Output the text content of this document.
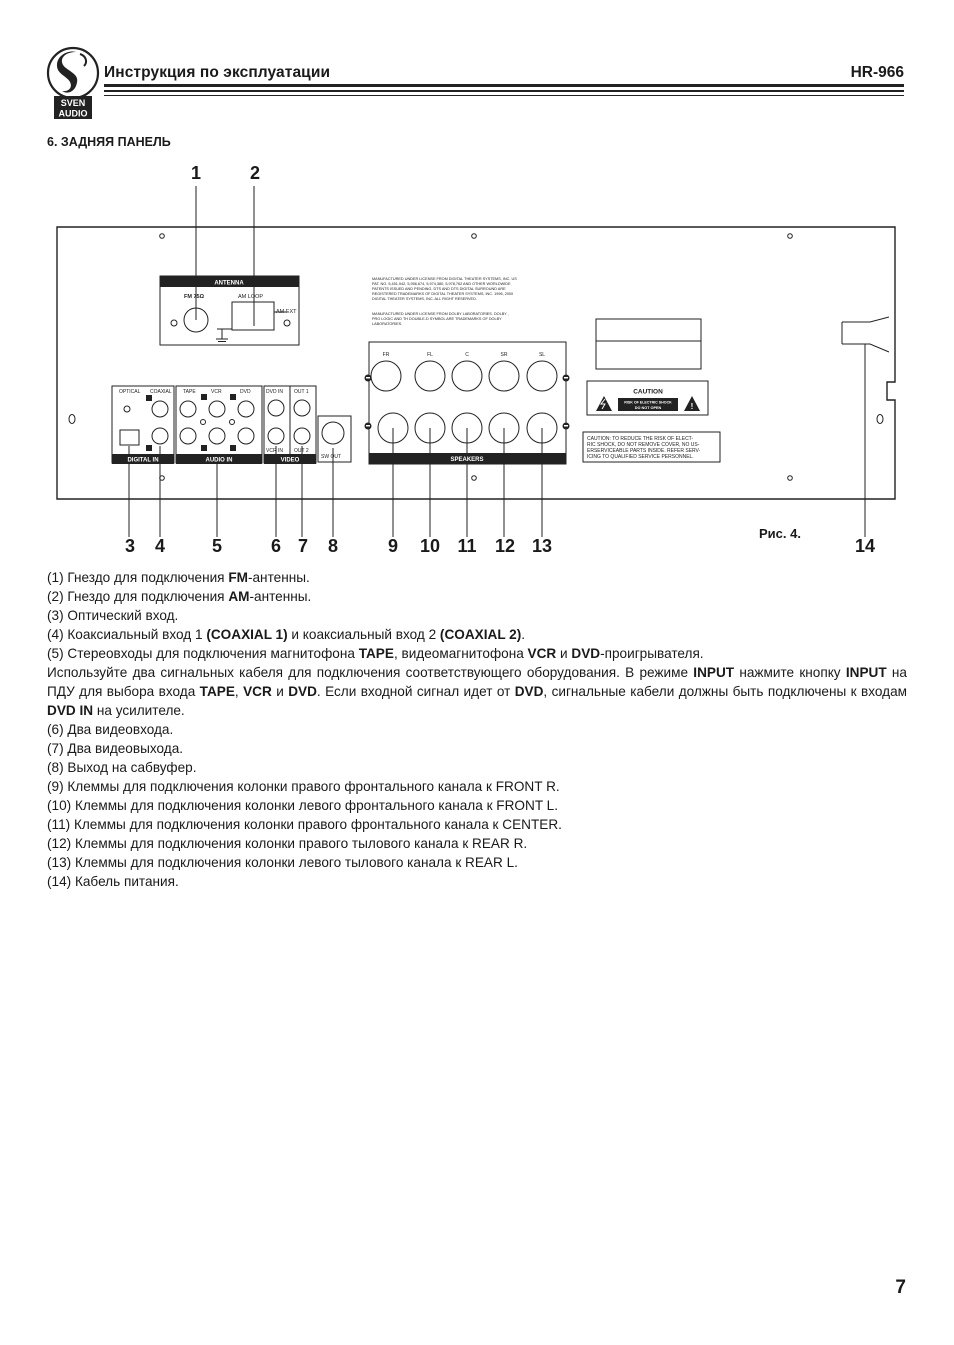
SVEN
AUDIO
Инструкция по эксплуатации	HR-966
6. ЗАДНЯЯ ПАНЕЛЬ
1	2
3 4	5	6 7 8	9 10 11 12 13	14
!
ANTENNA
FM 75Ω	AM LOOP
AM EXT
MANUFACTURED UNDER LICENSE FROM DIGITAL THEATER SYSTEMS, INC. US
PAT. NO. 5,451,942, 5,956,674, 5,974,380, 5,978,762 AND OTHER WORLDWIDE
PATENTS ISSUED AND PENDING. DTS AND DTS DIGITAL SURROUND ARE
REGISTERED TRADEMARKS OF DIGITAL THEATER SYSTEMS, INC. 1996, 2000
DIGITAL THEATER SYSTEMS, INC. ALL RIGHT RESERVED.
MANUFACTURED UNDER LICENSE FROM DOLBY LABORATORIES. DOLBY ,
PRO LOGIC AND TH DOUBLE-D SYMBOL ARE TRADEMARKS OF DOLBY
LABORATORIES.
OPTICAL COAXIAL
DIGITAL IN
TAPE	VCR	DVD
AUDIO IN
DVD IN OUT 1
VCR IN OUT 2
VIDEO
SW OUT
FR	FL	C	SR	SL
SPEAKERS
CAUTION
RISK OF ELECTRIC SHOCK
DO NOT OPEN
CAUTION: TO REDUCE THE RISK OF ELECT-
RIC SHOCK, DO NOT REMOVE COVER, NO US-
ERSERVICEABLE PARTS INSIDE. REFER SERV-
ICING TO QUALIFIED SERVICE PERSONNEL.
Рис. 4.

(1) Гнездо для подключения FM-антенны.

(2) Гнездо для подключения AM-антенны.

(3) Оптический вход.

(4) Коаксиальный вход 1 (COAXIAL 1) и коаксиальный вход 2 (COAXIAL 2).

(5) Стереовходы для подключения магнитофона TAPE, видеомагнитофона VCR и DVD-проигрывателя.

Используйте два сигнальных кабеля для подключения соответствующего оборудования. В режиме INPUT нажмите кнопку INPUT на ПДУ для выбора входа TAPE, VCR и DVD. Если входной сигнал идет от DVD, сигнальные кабели должны быть подключены к входам DVD IN на усилителе.

(6) Два видеовхода.

(7) Два видеовыхода.

(8) Выход на сабвуфер.

(9) Клеммы для подключения колонки правого фронтального канала к FRONT R.

(10) Клеммы для подключения колонки левого фронтального канала к FRONT L.

(11) Клеммы для подключения колонки правого фронтального канала к CENTER.

(12) Клеммы для подключения колонки правого тылового канала к REAR R.

(13) Клеммы для подключения колонки левого тылового канала к REAR L.

(14) Кабель питания.

7
